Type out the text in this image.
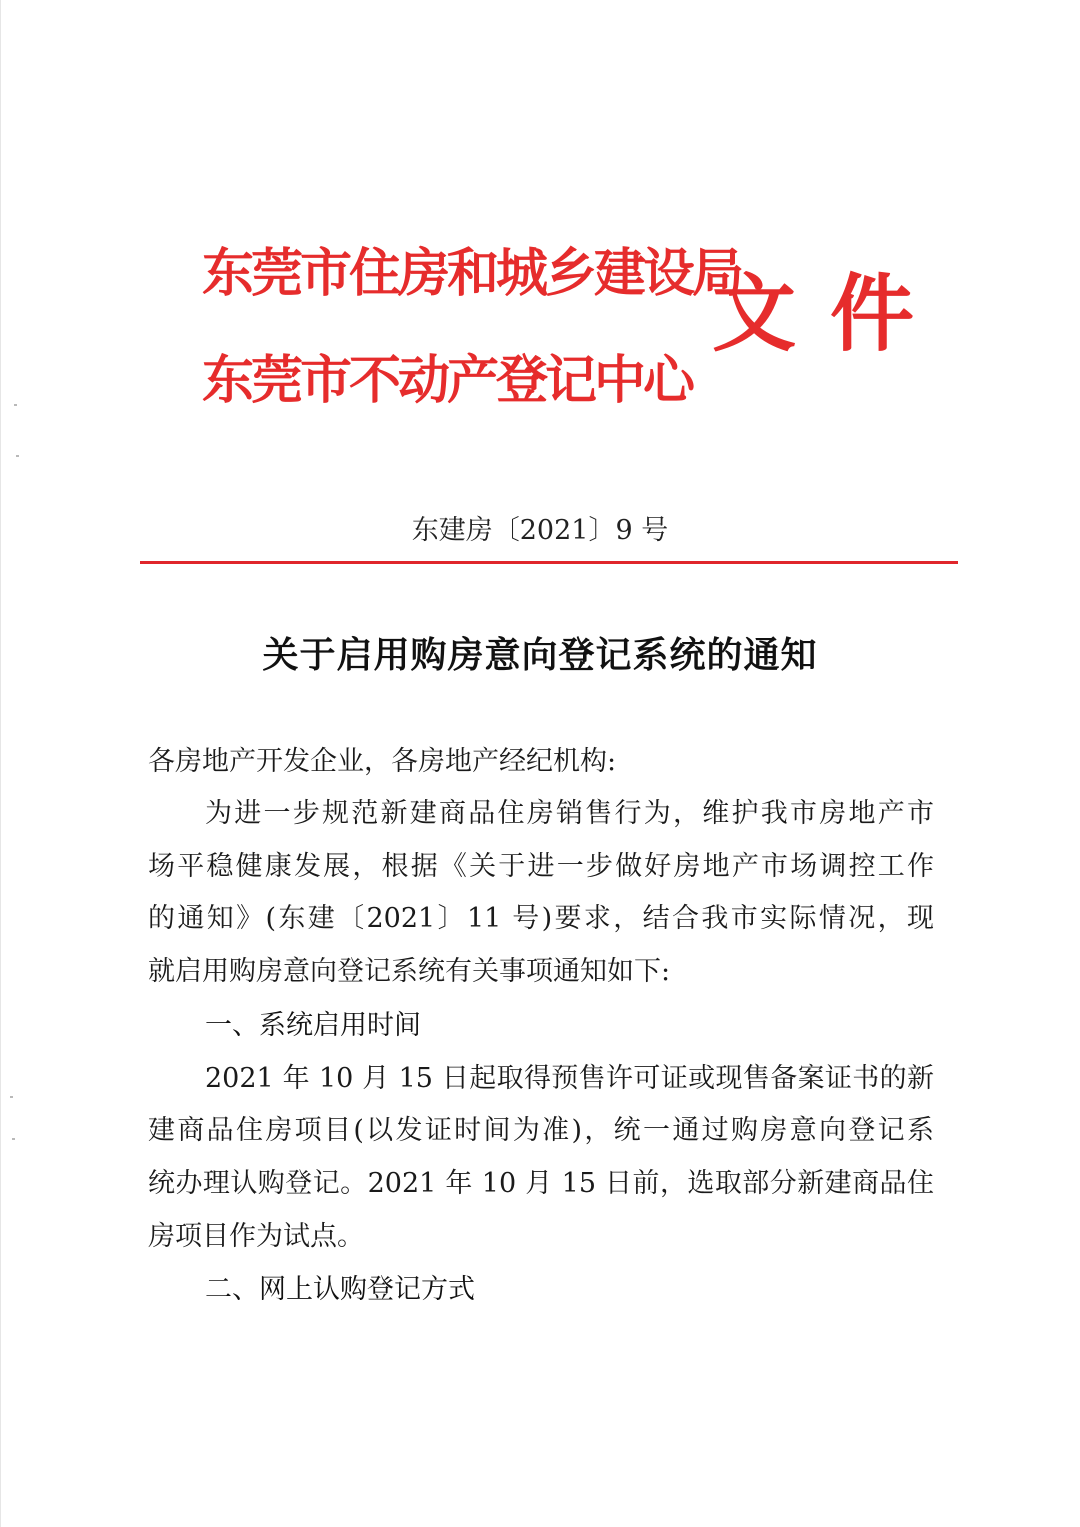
东莞市住房和城乡建设局
东莞市不动产登记中心
文件
东建房〔2021〕9 号
关于启用购房意向登记系统的通知
各房地产开发企业，各房地产经纪机构:
为进一步规范新建商品住房销售行为，维护我市房地产市
场平稳健康发展，根据《关于进一步做好房地产市场调控工作
的通知》(东建〔2021〕11 号)要求，结合我市实际情况，现
就启用购房意向登记系统有关事项通知如下:
一、系统启用时间
2021 年 10 月 15 日起取得预售许可证或现售备案证书的新
建商品住房项目(以发证时间为准)，统一通过购房意向登记系
统办理认购登记。2021 年 10 月 15 日前，选取部分新建商品住
房项目作为试点。
二、网上认购登记方式
